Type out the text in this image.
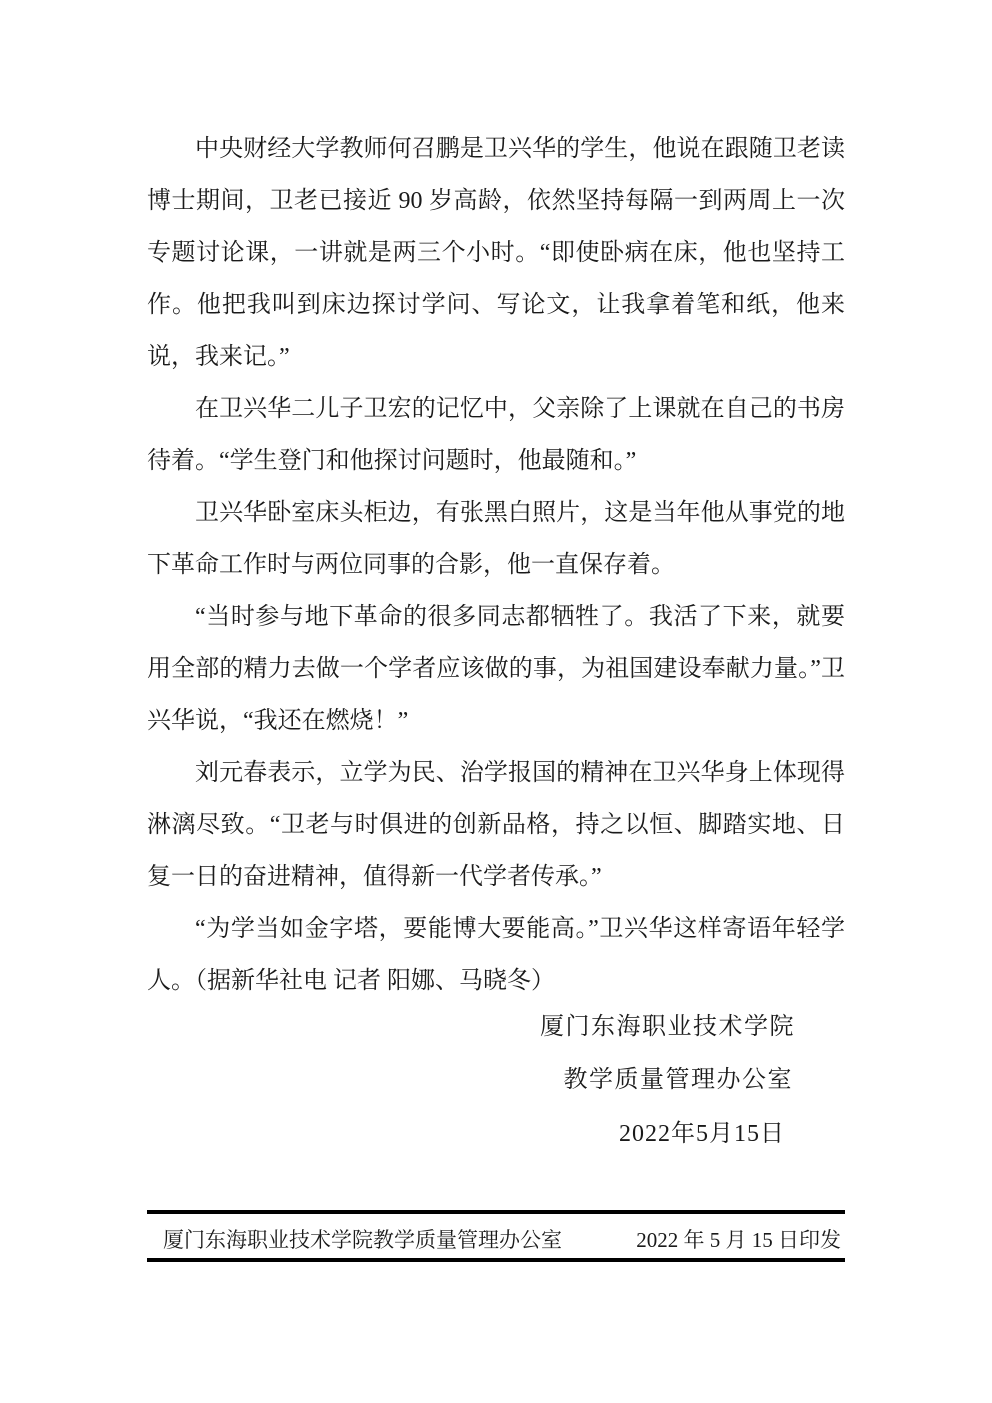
中央财经大学教师何召鹏是卫兴华的学生，他说在跟随卫老读博士期间，卫老已接近 90 岁高龄，依然坚持每隔一到两周上一次专题讨论课，一讲就是两三个小时。“即使卧病在床，他也坚持工作。他把我叫到床边探讨学问、写论文，让我拿着笔和纸，他来说，我来记。”

在卫兴华二儿子卫宏的记忆中，父亲除了上课就在自己的书房待着。“学生登门和他探讨问题时，他最随和。”

卫兴华卧室床头柜边，有张黑白照片，这是当年他从事党的地下革命工作时与两位同事的合影，他一直保存着。

“当时参与地下革命的很多同志都牺牲了。我活了下来，就要用全部的精力去做一个学者应该做的事，为祖国建设奉献力量。”卫兴华说，“我还在燃烧！”

刘元春表示，立学为民、治学报国的精神在卫兴华身上体现得淋漓尽致。“卫老与时俱进的创新品格，持之以恒、脚踏实地、日复一日的奋进精神，值得新一代学者传承。”

“为学当如金字塔，要能博大要能高。”卫兴华这样寄语年轻学人。（据新华社电 记者 阳娜、马晓冬）

厦门东海职业技术学院
教学质量管理办公室
2022年5月15日
厦门东海职业技术学院教学质量管理办公室	2022 年 5 月 15 日印发
